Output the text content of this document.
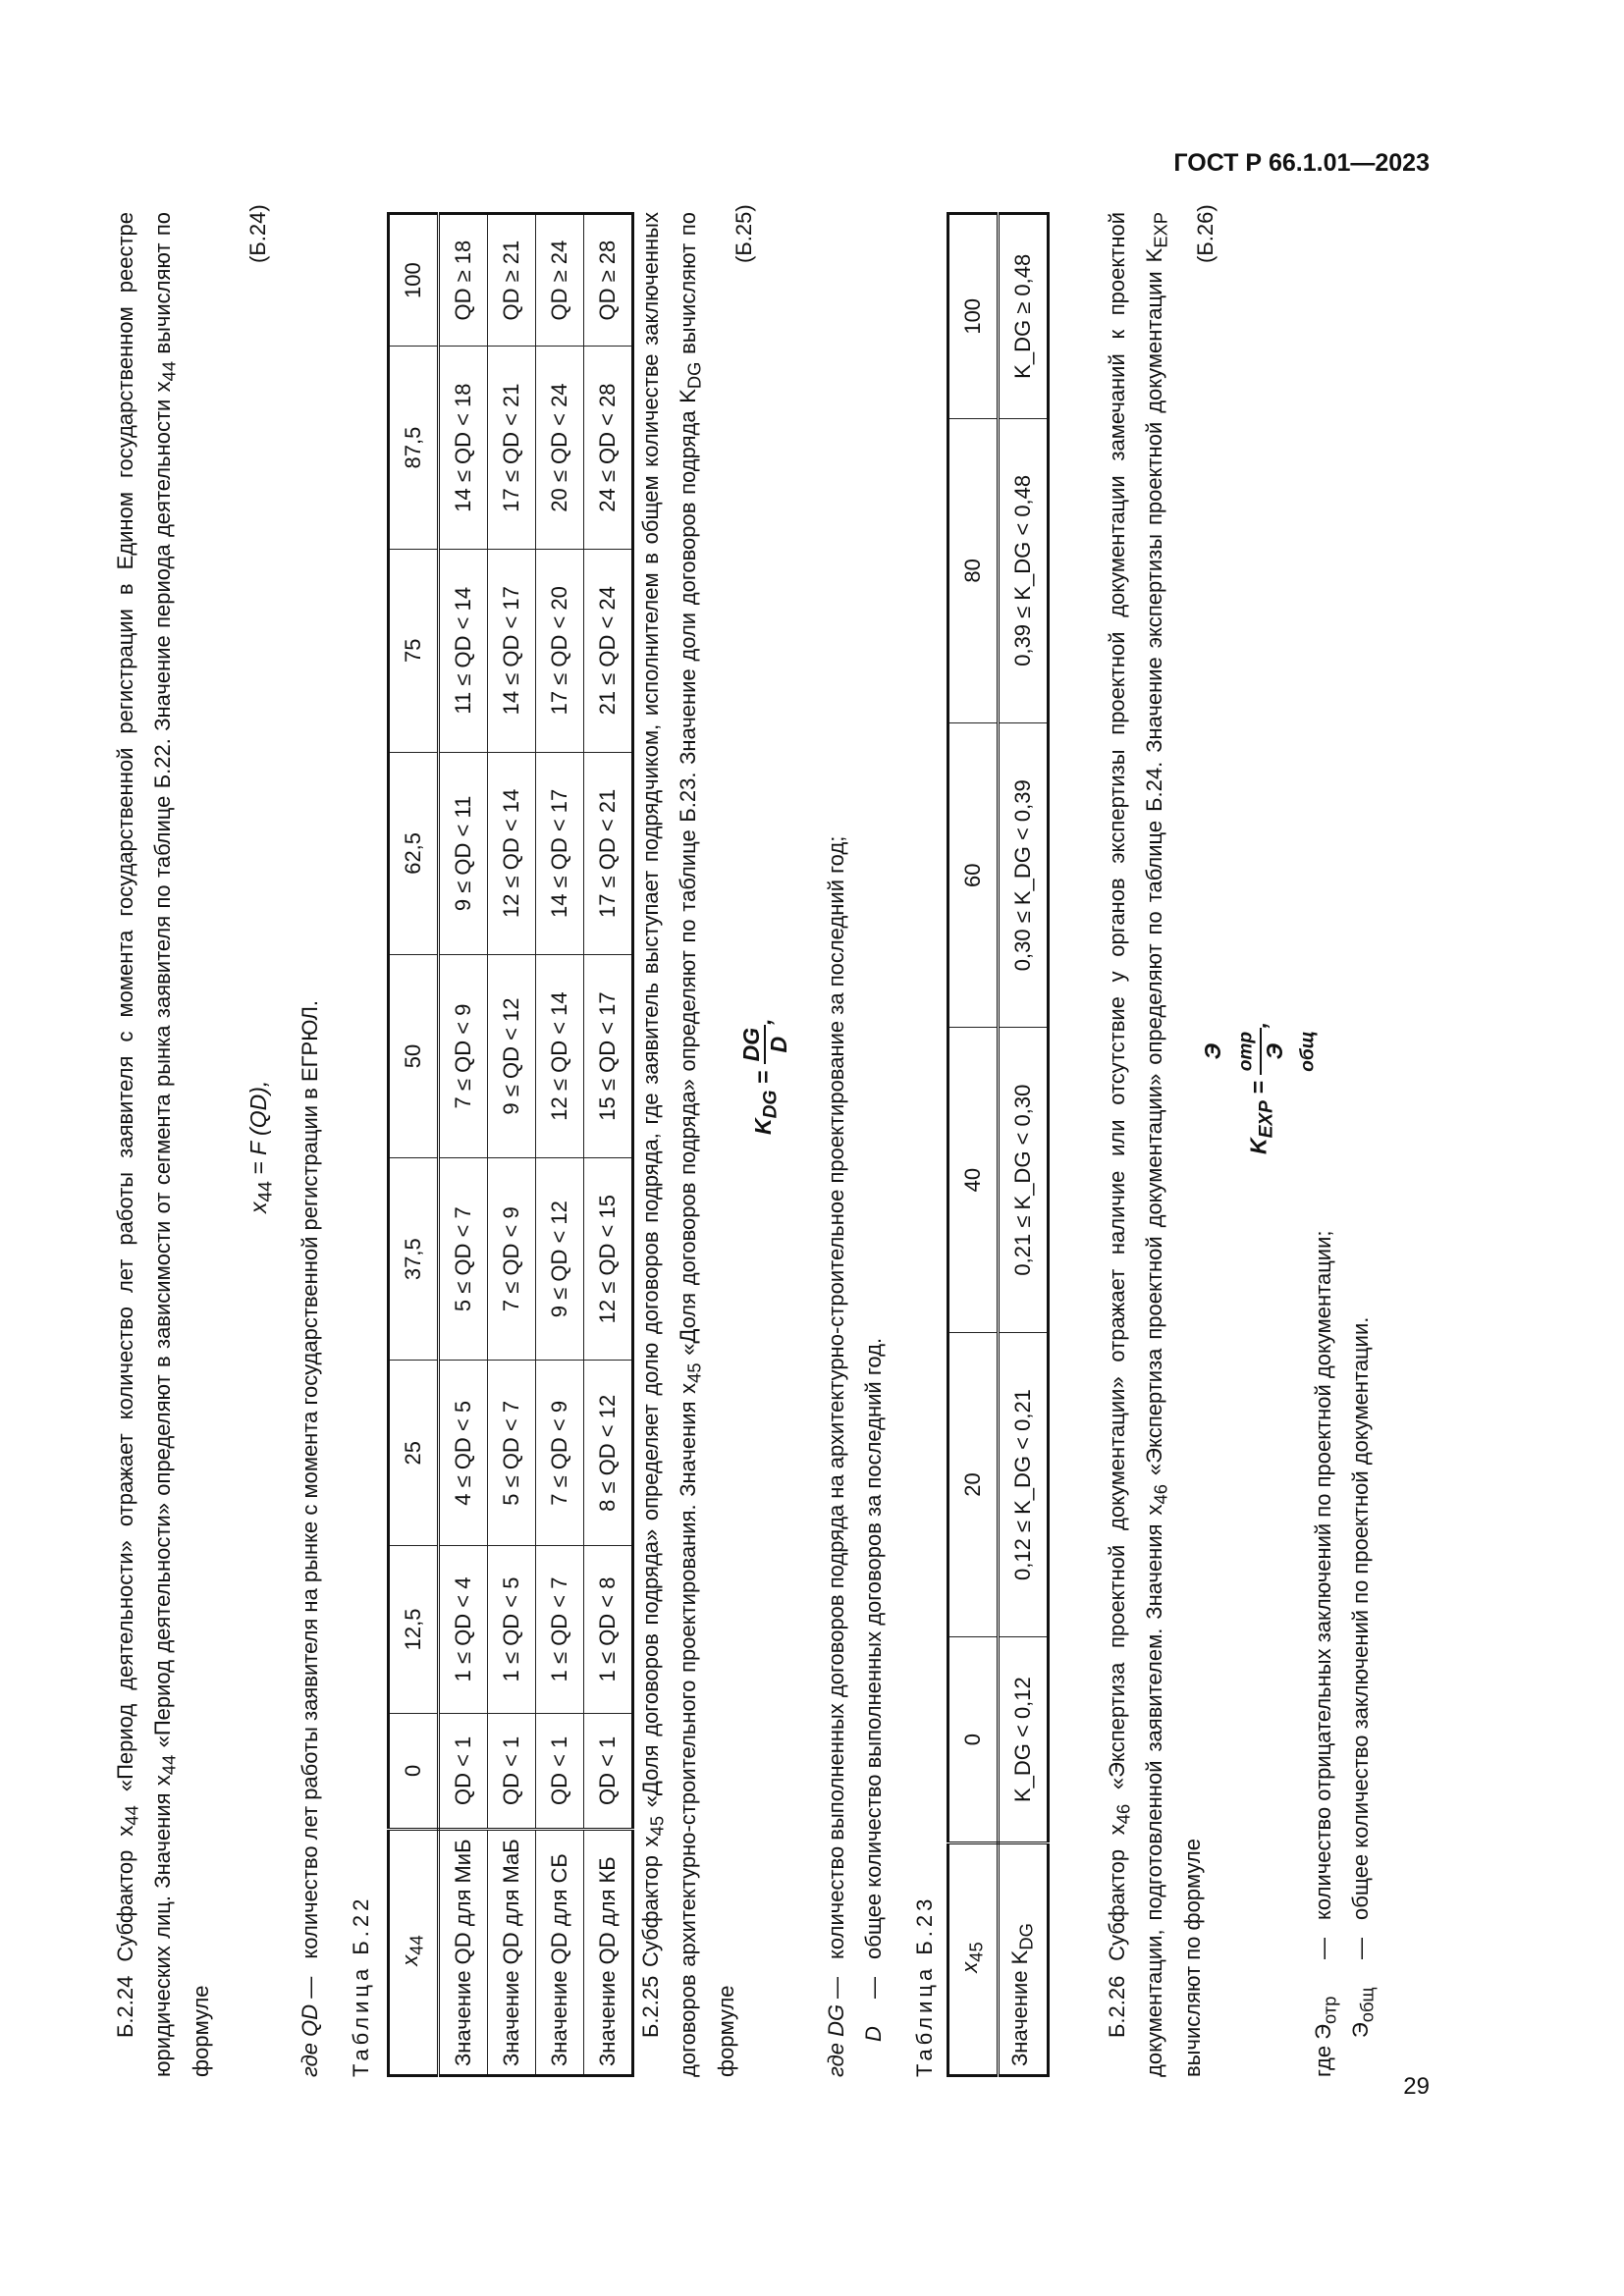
ГОСТ Р 66.1.01—2023
29
Б.2.24 Субфактор $x_{44}$ «Период деятельности» отражает количество лет работы заявителя с момента государственной регистрации в Едином государственном реестре юридических лиц. Значения $x_{44}$ «Период деятельности» определяют в зависимости от сегмента рынка заявителя по таблице Б.22. Значение периода деятельности $x_{44}$ вычисляют по формуле
$x_{44} = F$ (QD),
(Б.24)
где QD — количество лет работы заявителя на рынке с момента государственной регистрации в ЕГРЮЛ.
Таблица Б.22 $x_{44}$	0	12,5	25	37,5	50	62,5	75	87,5	100
Значение QD для МиБ	QD < 1	1 ≤ QD < 4	4 ≤ QD < 5	5 ≤ QD < 7	7 ≤ QD < 9	9 ≤ QD < 11	11 ≤ QD < 14	14 ≤ QD < 18	QD ≥ 18
Значение QD для МаБ	QD < 1	1 ≤ QD < 5	5 ≤ QD < 7	7 ≤ QD < 9	9 ≤ QD < 12	12 ≤ QD < 14	14 ≤ QD < 17	17 ≤ QD < 21	QD ≥ 21
Значение QD для СБ	QD < 1	1 ≤ QD < 7	7 ≤ QD < 9	9 ≤ QD < 12	12 ≤ QD < 14	14 ≤ QD < 17	17 ≤ QD < 20	20 ≤ QD < 24	QD ≥ 24
Значение QD для КБ	QD < 1	1 ≤ QD < 8	8 ≤ QD < 12	12 ≤ QD < 15	15 ≤ QD < 17	17 ≤ QD < 21	21 ≤ QD < 24	24 ≤ QD < 28	QD ≥ 28
Б.2.25 Субфактор $x_{45}$ «Доля договоров подряда» определяет долю договоров подряда, где заявитель выступает подрядчиком, исполнителем в общем количестве заключенных договоров архитектурно-строительного проектирования. Значения $x_{45}$ «Доля договоров подряда» определяют по таблице Б.23. Значение доли договоров подряда $K_{DG}$ вычисляют по формуле
$K_{DG}$ =
DG D
,
(Б.25)
где DG—количество выполненных договоров подряда на архитектурно-строительное проектирование за последний год;
D—общее количество выполненных договоров за последний год.
Таблица Б.23 $x_{45}$	0	20	40	60	80	100
Значение $K_{DG}$	K_DG < 0,12	0,12 ≤ K_DG < 0,21	0,21 ≤ K_DG < 0,30	0,30 ≤ K_DG < 0,39	0,39 ≤ K_DG < 0,48	K_DG ≥ 0,48
Б.2.26 Субфактор $x_{46}$ «Экспертиза проектной документации» отражает наличие или отсутствие у органов экспертизы проектной документации замечаний к проектной документации, подготовленной заявителем. Значения $x_{46}$ «Экспертиза проектной документации» определяют по таблице Б.24. Значение экспертизы проектной документации $K_{EXP}$ вычисляют по формуле
$K_{EXP}$ =
Э $_{отр}$ Э $_{общ}$
,
(Б.26)
где $Э_{отр}—количество$ отрицательных заключений по проектной документации;
$Э_{общ}—общее$ количество заключений по проектной документации.
